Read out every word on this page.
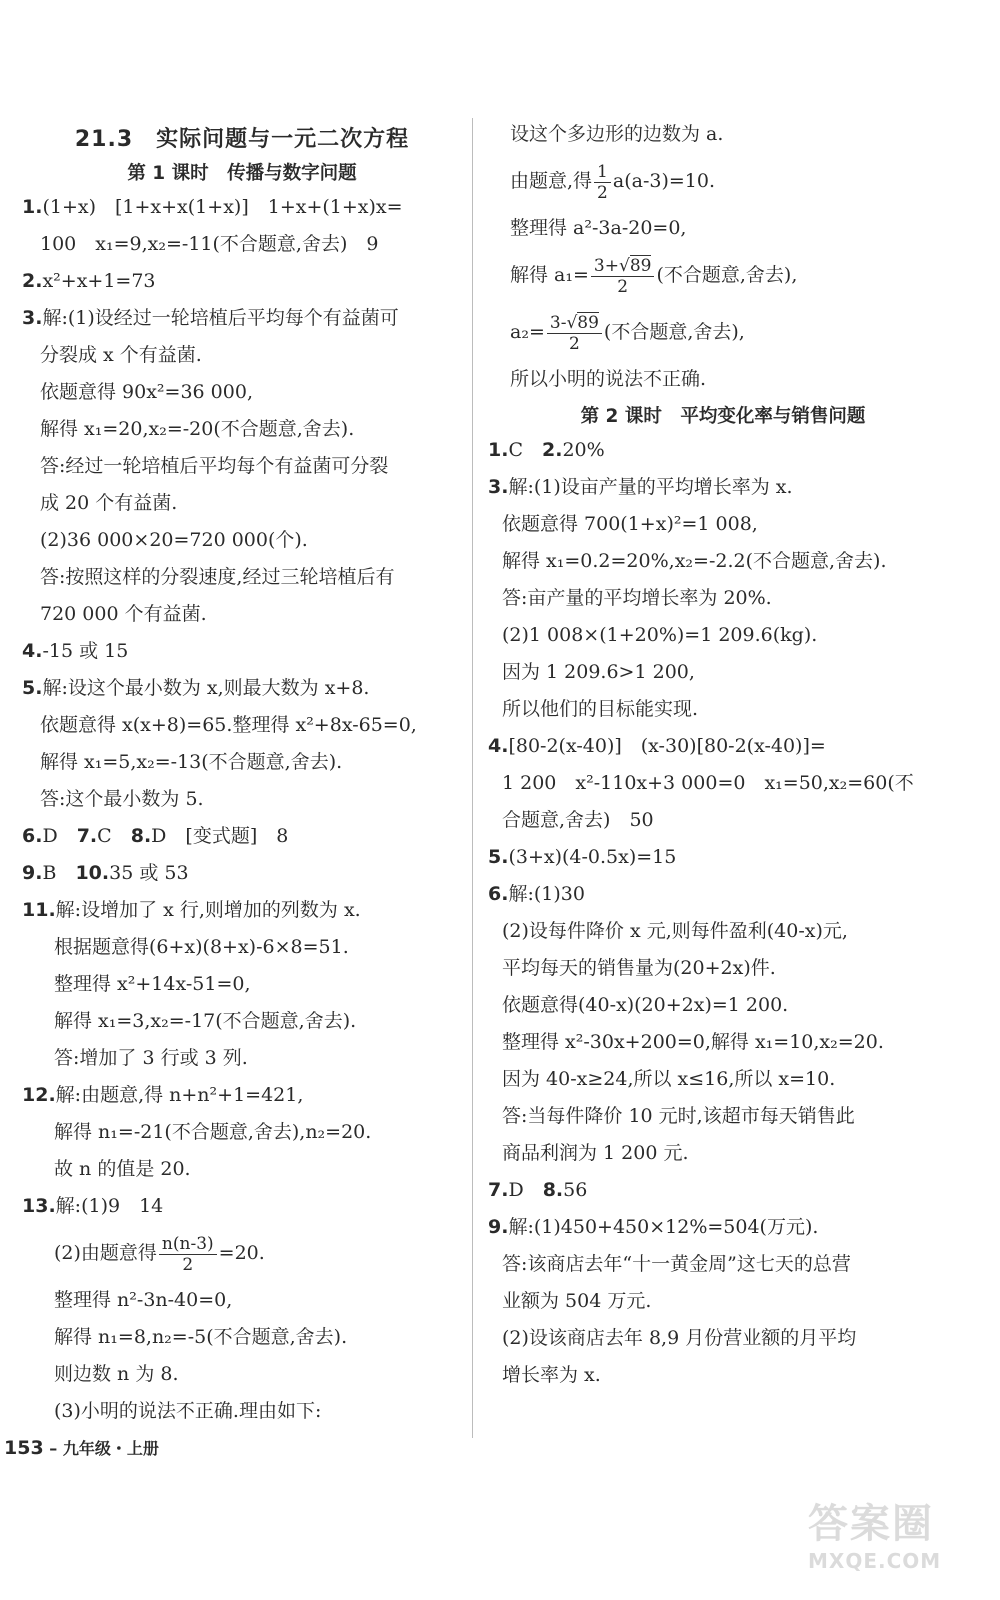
21.3　实际问题与一元二次方程
第 1 课时　传播与数字问题
1.(1+x)　[1+x+x(1+x)]　1+x+(1+x)x=
100　x₁=9,x₂=-11(不合题意,舍去)　9
2.x²+x+1=73
3.解:(1)设经过一轮培植后平均每个有益菌可
分裂成 x 个有益菌.
依题意得 90x²=36 000,
解得 x₁=20,x₂=-20(不合题意,舍去).
答:经过一轮培植后平均每个有益菌可分裂
成 20 个有益菌.
(2)36 000×20=720 000(个).
答:按照这样的分裂速度,经过三轮培植后有
720 000 个有益菌.
4.-15 或 15
5.解:设这个最小数为 x,则最大数为 x+8.
依题意得 x(x+8)=65.整理得 x²+8x-65=0,
解得 x₁=5,x₂=-13(不合题意,舍去).
答:这个最小数为 5.
6.D　 7.C　 8.D　 [变式题]　 8
9.B　 10.35 或 53
11.解:设增加了 x 行,则增加的列数为 x.
根据题意得(6+x)(8+x)-6×8=51.
整理得 x²+14x-51=0,
解得 x₁=3,x₂=-17(不合题意,舍去).
答:增加了 3 行或 3 列.
12.解:由题意,得 n+n²+1=421,
解得 n₁=-21(不合题意,舍去),n₂=20.
故 n 的值是 20.
13.解:(1)9　14
(2)由题意得 $\frac{n(n-3)}{2} =20$.
整理得 n²-3n-40=0,
解得 n₁=8,n₂=-5(不合题意,舍去).
则边数 n 为 8.
(3)小明的说法不正确.理由如下:
设这个多边形的边数为 a.
由题意,得 $\frac{1}{2} a(a-3)=10$.
整理得 a²-3a-20=0,
解得 $a_1= \frac{3+√89}{2}$ (不合题意,舍去),
$a_2= \frac{3-√89}{2}$ (不合题意,舍去),
所以小明的说法不正确.
第 2 课时　平均变化率与销售问题
1.C　 2.20%
3.解:(1)设亩产量的平均增长率为 x.
依题意得 700(1+x)²=1 008,
解得 x₁=0.2=20%,x₂=-2.2(不合题意,舍去).
答:亩产量的平均增长率为 20%.
(2)1 008×(1+20%)=1 209.6(kg).
因为 1 209.6>1 200,
所以他们的目标能实现.
4.[80-2(x-40)]　(x-30)[80-2(x-40)]=
1 200　x²-110x+3 000=0　x₁=50,x₂=60(不
合题意,舍去)　50
5.(3+x)(4-0.5x)=15
6.解:(1)30
(2)设每件降价 x 元,则每件盈利(40-x)元,
平均每天的销售量为(20+2x)件.
依题意得(40-x)(20+2x)=1 200.
整理得 x²-30x+200=0,解得 x₁=10,x₂=20.
因为 40-x≥24,所以 x≤16,所以 x=10.
答:当每件降价 10 元时,该超市每天销售此
商品利润为 1 200 元.
7.D　 8.56
9.解:(1)450+450×12%=504(万元).
答:该商店去年“十一黄金周”这七天的总营
业额为 504 万元.
(2)设该商店去年 8,9 月份营业额的月平均
增长率为 x.
153 – 九年级・上册
答案圈
MXQE.COM
